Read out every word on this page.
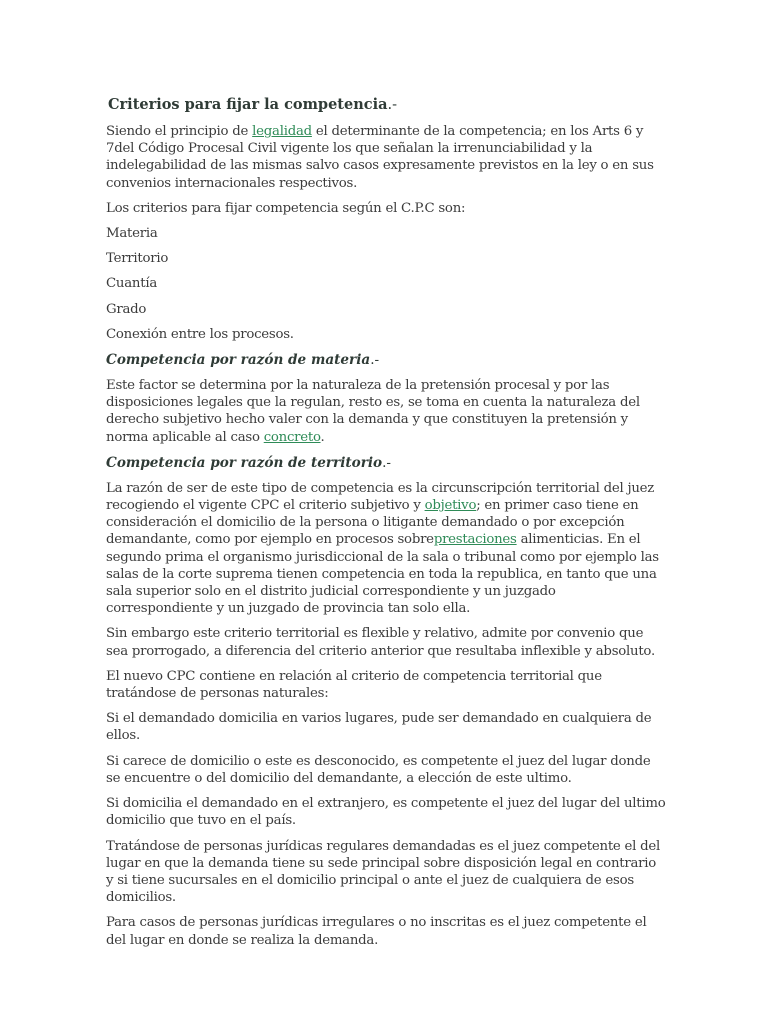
Criterios para fijar la competencia.-

Siendo el principio de legalidad el determinante de la competencia; en los Arts 6 y 7del Código Procesal Civil vigente los que señalan la irrenunciabilidad y la indelegabilidad de las mismas salvo casos expresamente previstos en la ley o en sus convenios internacionales respectivos.

Los criterios para fijar competencia según el C.P.C son:

Materia

Territorio

Cuantía

Grado

Conexión entre los procesos.

Competencia por razón de materia.-

Este factor se determina por la naturaleza de la pretensión procesal y por las disposiciones legales que la regulan, resto es, se toma en cuenta la naturaleza del derecho subjetivo hecho valer con la demanda y que constituyen la pretensión y norma aplicable al caso concreto.

Competencia por razón de territorio.-

La razón de ser de este tipo de competencia es la circunscripción territorial del juez recogiendo el vigente CPC el criterio subjetivo y objetivo; en primer caso tiene en consideración el domicilio de la persona o litigante demandado o por excepción demandante, como por ejemplo en procesos sobreprestaciones alimenticias. En el segundo prima el organismo jurisdiccional de la sala o tribunal como por ejemplo las salas de la corte suprema tienen competencia en toda la republica, en tanto que una sala superior solo en el distrito judicial correspondiente y un juzgado correspondiente y un juzgado de provincia tan solo ella.

Sin embargo este criterio territorial es flexible y relativo, admite por convenio que sea prorrogado, a diferencia del criterio anterior que resultaba inflexible y absoluto.

El nuevo CPC contiene en relación al criterio de competencia territorial que tratándose de personas naturales:

Si el demandado domicilia en varios lugares, pude ser demandado en cualquiera de ellos.

Si carece de domicilio o este es desconocido, es competente el juez del lugar donde se encuentre o del domicilio del demandante, a elección de este ultimo.

Si domicilia el demandado en el extranjero, es competente el juez del lugar del ultimo domicilio que tuvo en el país.

Tratándose de personas jurídicas regulares demandadas es el juez competente el del lugar en que la demanda tiene su sede principal sobre disposición legal en contrario y si tiene sucursales en el domicilio principal o ante el juez de cualquiera de esos domicilios.

Para casos de personas jurídicas irregulares o no inscritas es el juez competente el del lugar en donde se realiza la demanda.
